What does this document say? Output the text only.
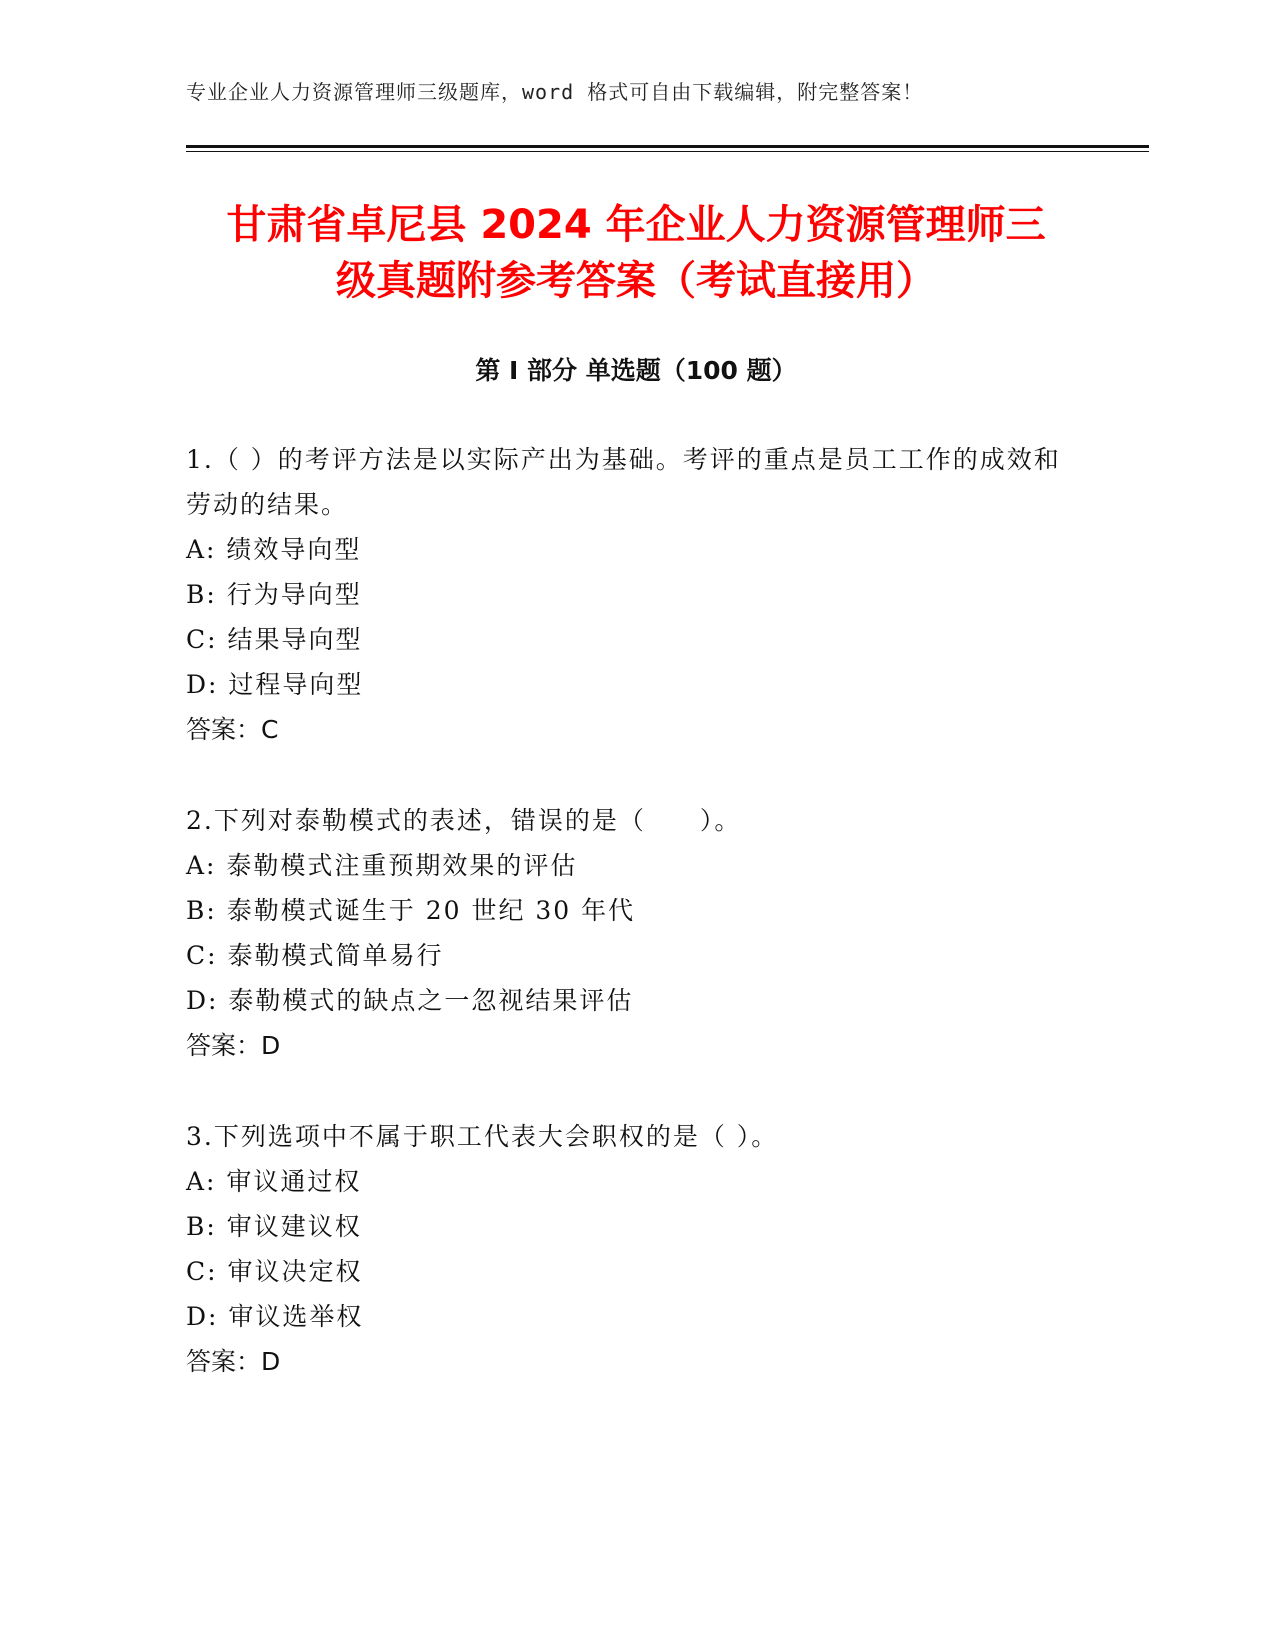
专业企业人力资源管理师三级题库，word 格式可自由下载编辑，附完整答案！
甘肃省卓尼县 2024 年企业人力资源管理师三
级真题附参考答案（考试直接用）
第 I 部分 单选题（100 题）

1.（ ）的考评方法是以实际产出为基础。考评的重点是员工工作的成效和劳动的结果。

A: 绩效导向型

B: 行为导向型

C: 结果导向型

D: 过程导向型

答案：C

2.下列对泰勒模式的表述，错误的是（　　）。

A: 泰勒模式注重预期效果的评估

B: 泰勒模式诞生于 20 世纪 30 年代

C: 泰勒模式简单易行

D: 泰勒模式的缺点之一忽视结果评估

答案：D

3.下列选项中不属于职工代表大会职权的是（ ）。

A: 审议通过权

B: 审议建议权

C: 审议决定权

D: 审议选举权

答案：D
